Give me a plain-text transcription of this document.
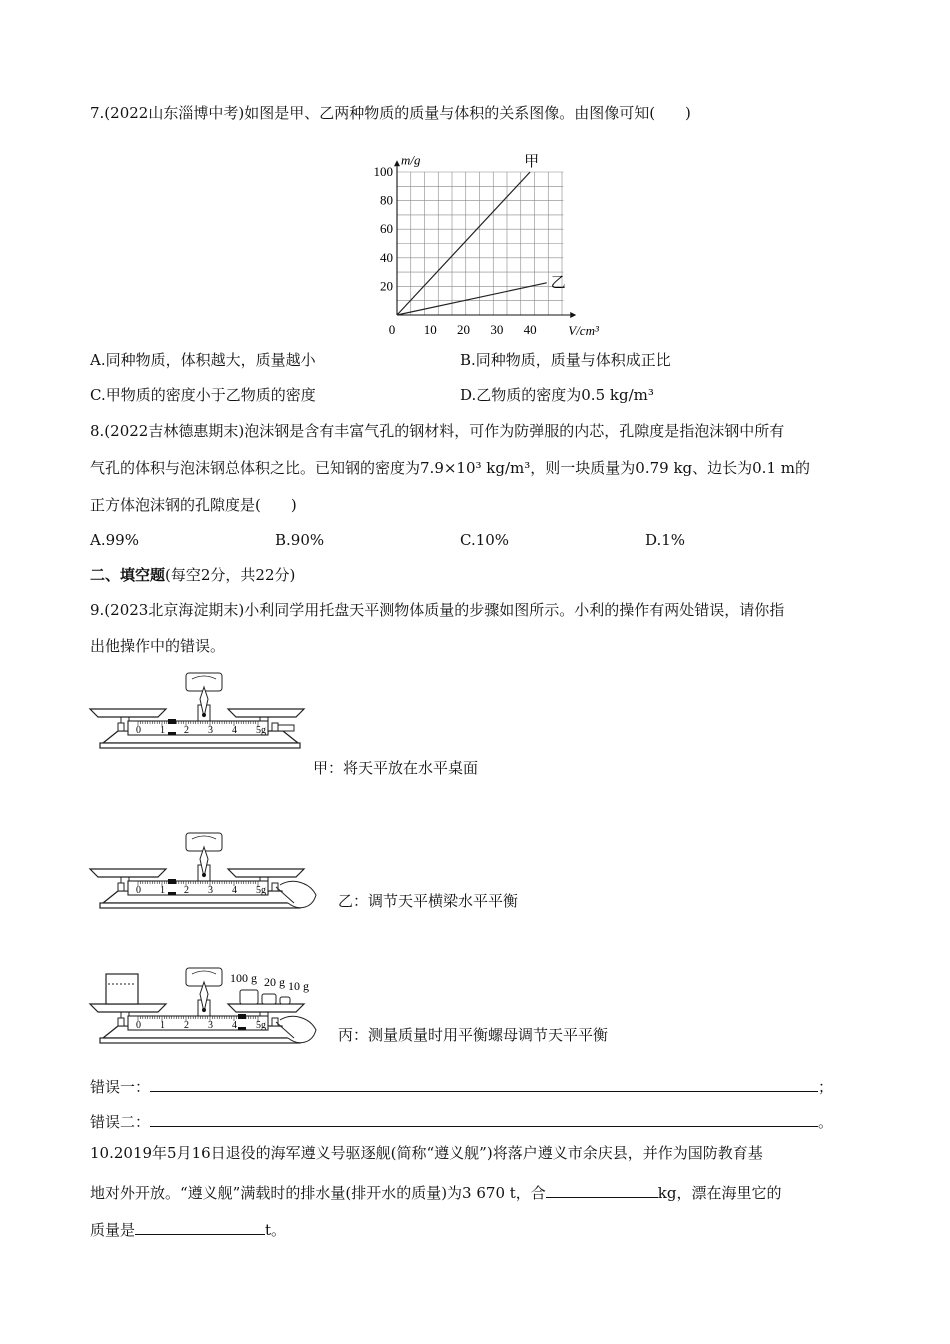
7.(2022山东淄博中考)如图是甲、乙两种物质的质量与体积的关系图像。由图像可知(　　)
m/g
V/cm³
0 10 20 30 40
20
40
60
80
100
甲
乙
A.同种物质，体积越大，质量越小	B.同种物质，质量与体积成正比
C.甲物质的密度小于乙物质的密度	D.乙物质的密度为0.5 kg/m³
8.(2022吉林德惠期末)泡沫钢是含有丰富气孔的钢材料，可作为防弹服的内芯，孔隙度是指泡沫钢中所有
气孔的体积与泡沫钢总体积之比。已知钢的密度为7.9×10³ kg/m³，则一块质量为0.79 kg、边长为0.1 m的
正方体泡沫钢的孔隙度是(　　)
A.99%	B.90%	C.10%	D.1%
二、填空题(每空2分，共22分)
9.(2023北京海淀期末)小利同学用托盘天平测物体质量的步骤如图所示。小利的操作有两处错误，请你指
出他操作中的错误。
0 1 2 3 4 5g
甲：将天平放在水平桌面
0 1 2 3 4 5g
乙：调节天平横梁水平平衡
0 1 2 3 4 5g
100 g 20 g 10 g
丙：测量质量时用平衡螺母调节天平平衡
错误一：	；
错误二：	。
10.2019年5月16日退役的海军遵义号驱逐舰(简称“遵义舰”)将落户遵义市余庆县，并作为国防教育基
地对外开放。“遵义舰”满载时的排水量(排开水的质量)为3 670 t，合	kg，漂在海里它的
质量是	t。
